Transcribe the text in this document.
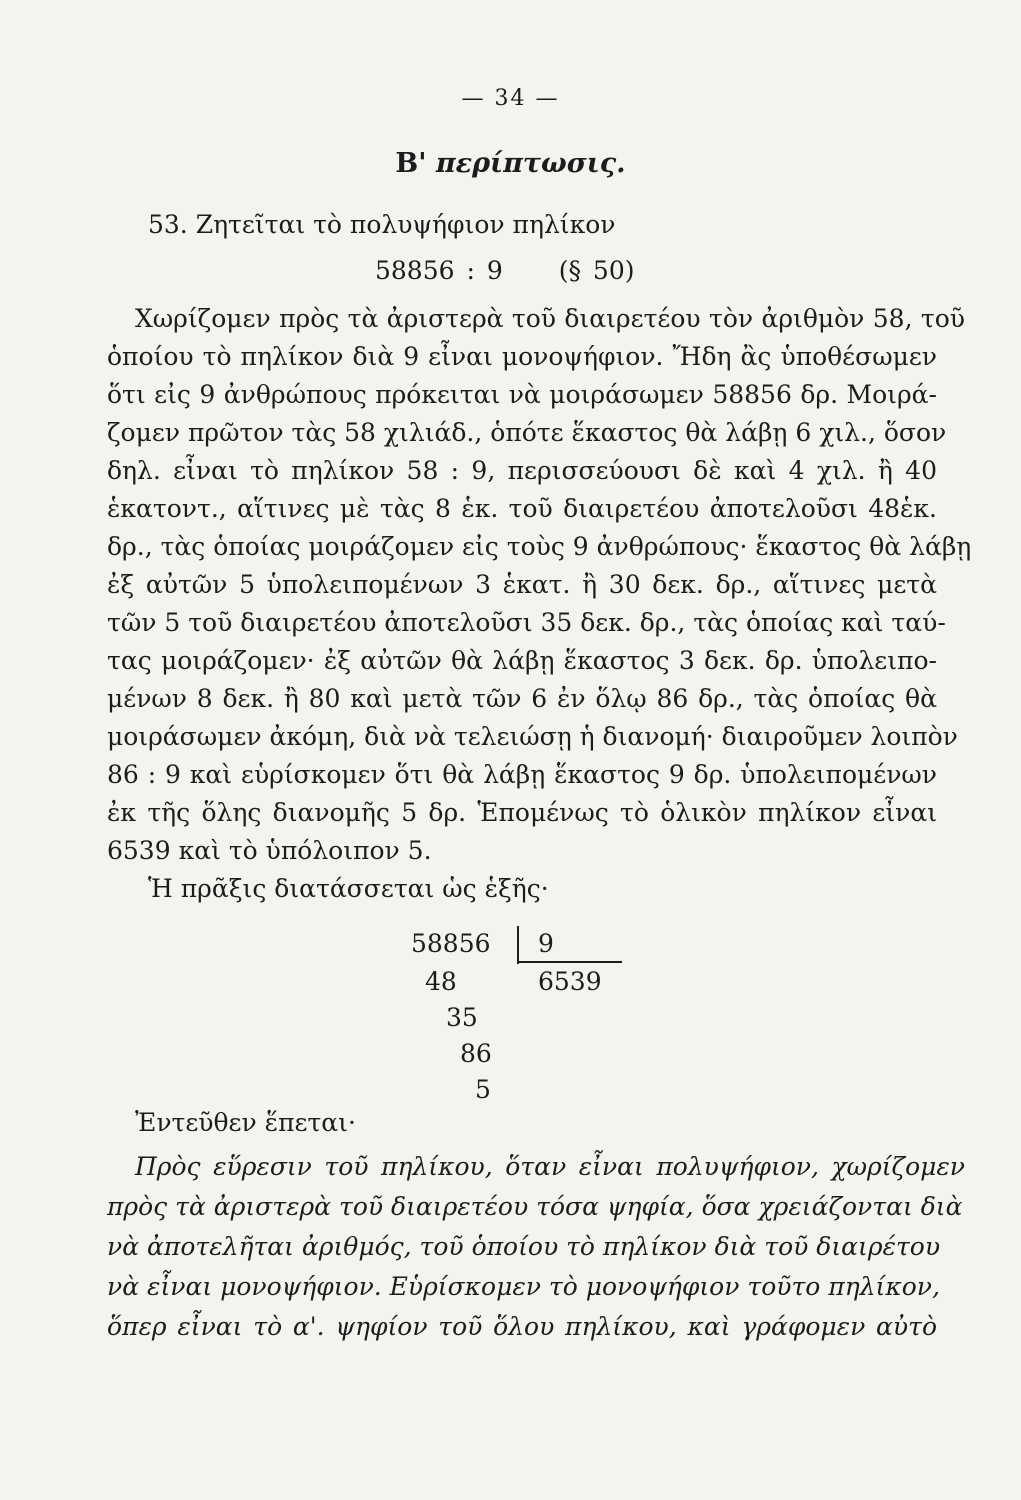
— 34 —
Β' περίπτωσις.
53. Ζητεῖται τὸ πολυψήφιον πηλίκον
58856 : 9 (§ 50)
Χωρίζομεν πρὸς τὰ ἀριστερὰ τοῦ διαιρετέου τὸν ἀριθμὸν 58, τοῦ
ὁποίου τὸ πηλίκον διὰ 9 εἶναι μονοψήφιον. Ἤδη ἂς ὑποθέσωμεν
ὅτι εἰς 9 ἀνθρώπους πρόκειται νὰ μοιράσωμεν 58856 δρ. Μοιρά-
ζομεν πρῶτον τὰς 58 χιλιάδ., ὁπότε ἕκαστος θὰ λάβῃ 6 χιλ., ὅσον
δηλ. εἶναι τὸ πηλίκον 58 : 9, περισσεύουσι δὲ καὶ 4 χιλ. ἢ 40
ἑκατοντ., αἵτινες μὲ τὰς 8 ἑκ. τοῦ διαιρετέου ἀποτελοῦσι 48ἑκ.
δρ., τὰς ὁποίας μοιράζομεν εἰς τοὺς 9 ἀνθρώπους· ἕκαστος θὰ λάβῃ
ἐξ αὐτῶν 5 ὑπολειπομένων 3 ἑκατ. ἢ 30 δεκ. δρ., αἵτινες μετὰ
τῶν 5 τοῦ διαιρετέου ἀποτελοῦσι 35 δεκ. δρ., τὰς ὁποίας καὶ ταύ-
τας μοιράζομεν· ἐξ αὐτῶν θὰ λάβῃ ἕκαστος 3 δεκ. δρ. ὑπολειπο-
μένων 8 δεκ. ἢ 80 καὶ μετὰ τῶν 6 ἐν ὅλῳ 86 δρ., τὰς ὁποίας θὰ
μοιράσωμεν ἀκόμη, διὰ νὰ τελειώσῃ ἡ διανομή· διαιροῦμεν λοιπὸν
86 : 9 καὶ εὑρίσκομεν ὅτι θὰ λάβῃ ἕκαστος 9 δρ. ὑπολειπομένων
ἐκ τῆς ὅλης διανομῆς 5 δρ. Ἑπομένως τὸ ὁλικὸν πηλίκον εἶναι
6539 καὶ τὸ ὑπόλοιπον 5.
Ἡ πρᾶξις διατάσσεται ὡς ἑξῆς·
58856 9
48	6539
35
86
5
Ἐντεῦθεν ἕπεται·
Πρὸς εὕρεσιν τοῦ πηλίκου, ὅταν εἶναι πολυψήφιον, χωρίζομεν
πρὸς τὰ ἀριστερὰ τοῦ διαιρετέου τόσα ψηφία, ὅσα χρειάζονται διὰ
νὰ ἀποτελῆται ἀριθμός, τοῦ ὁποίου τὸ πηλίκον διὰ τοῦ διαιρέτου
νὰ εἶναι μονοψήφιον. Εὑρίσκομεν τὸ μονοψήφιον τοῦτο πηλίκον,
ὅπερ εἶναι τὸ α'. ψηφίον τοῦ ὅλου πηλίκου, καὶ γράφομεν αὐτὸ
